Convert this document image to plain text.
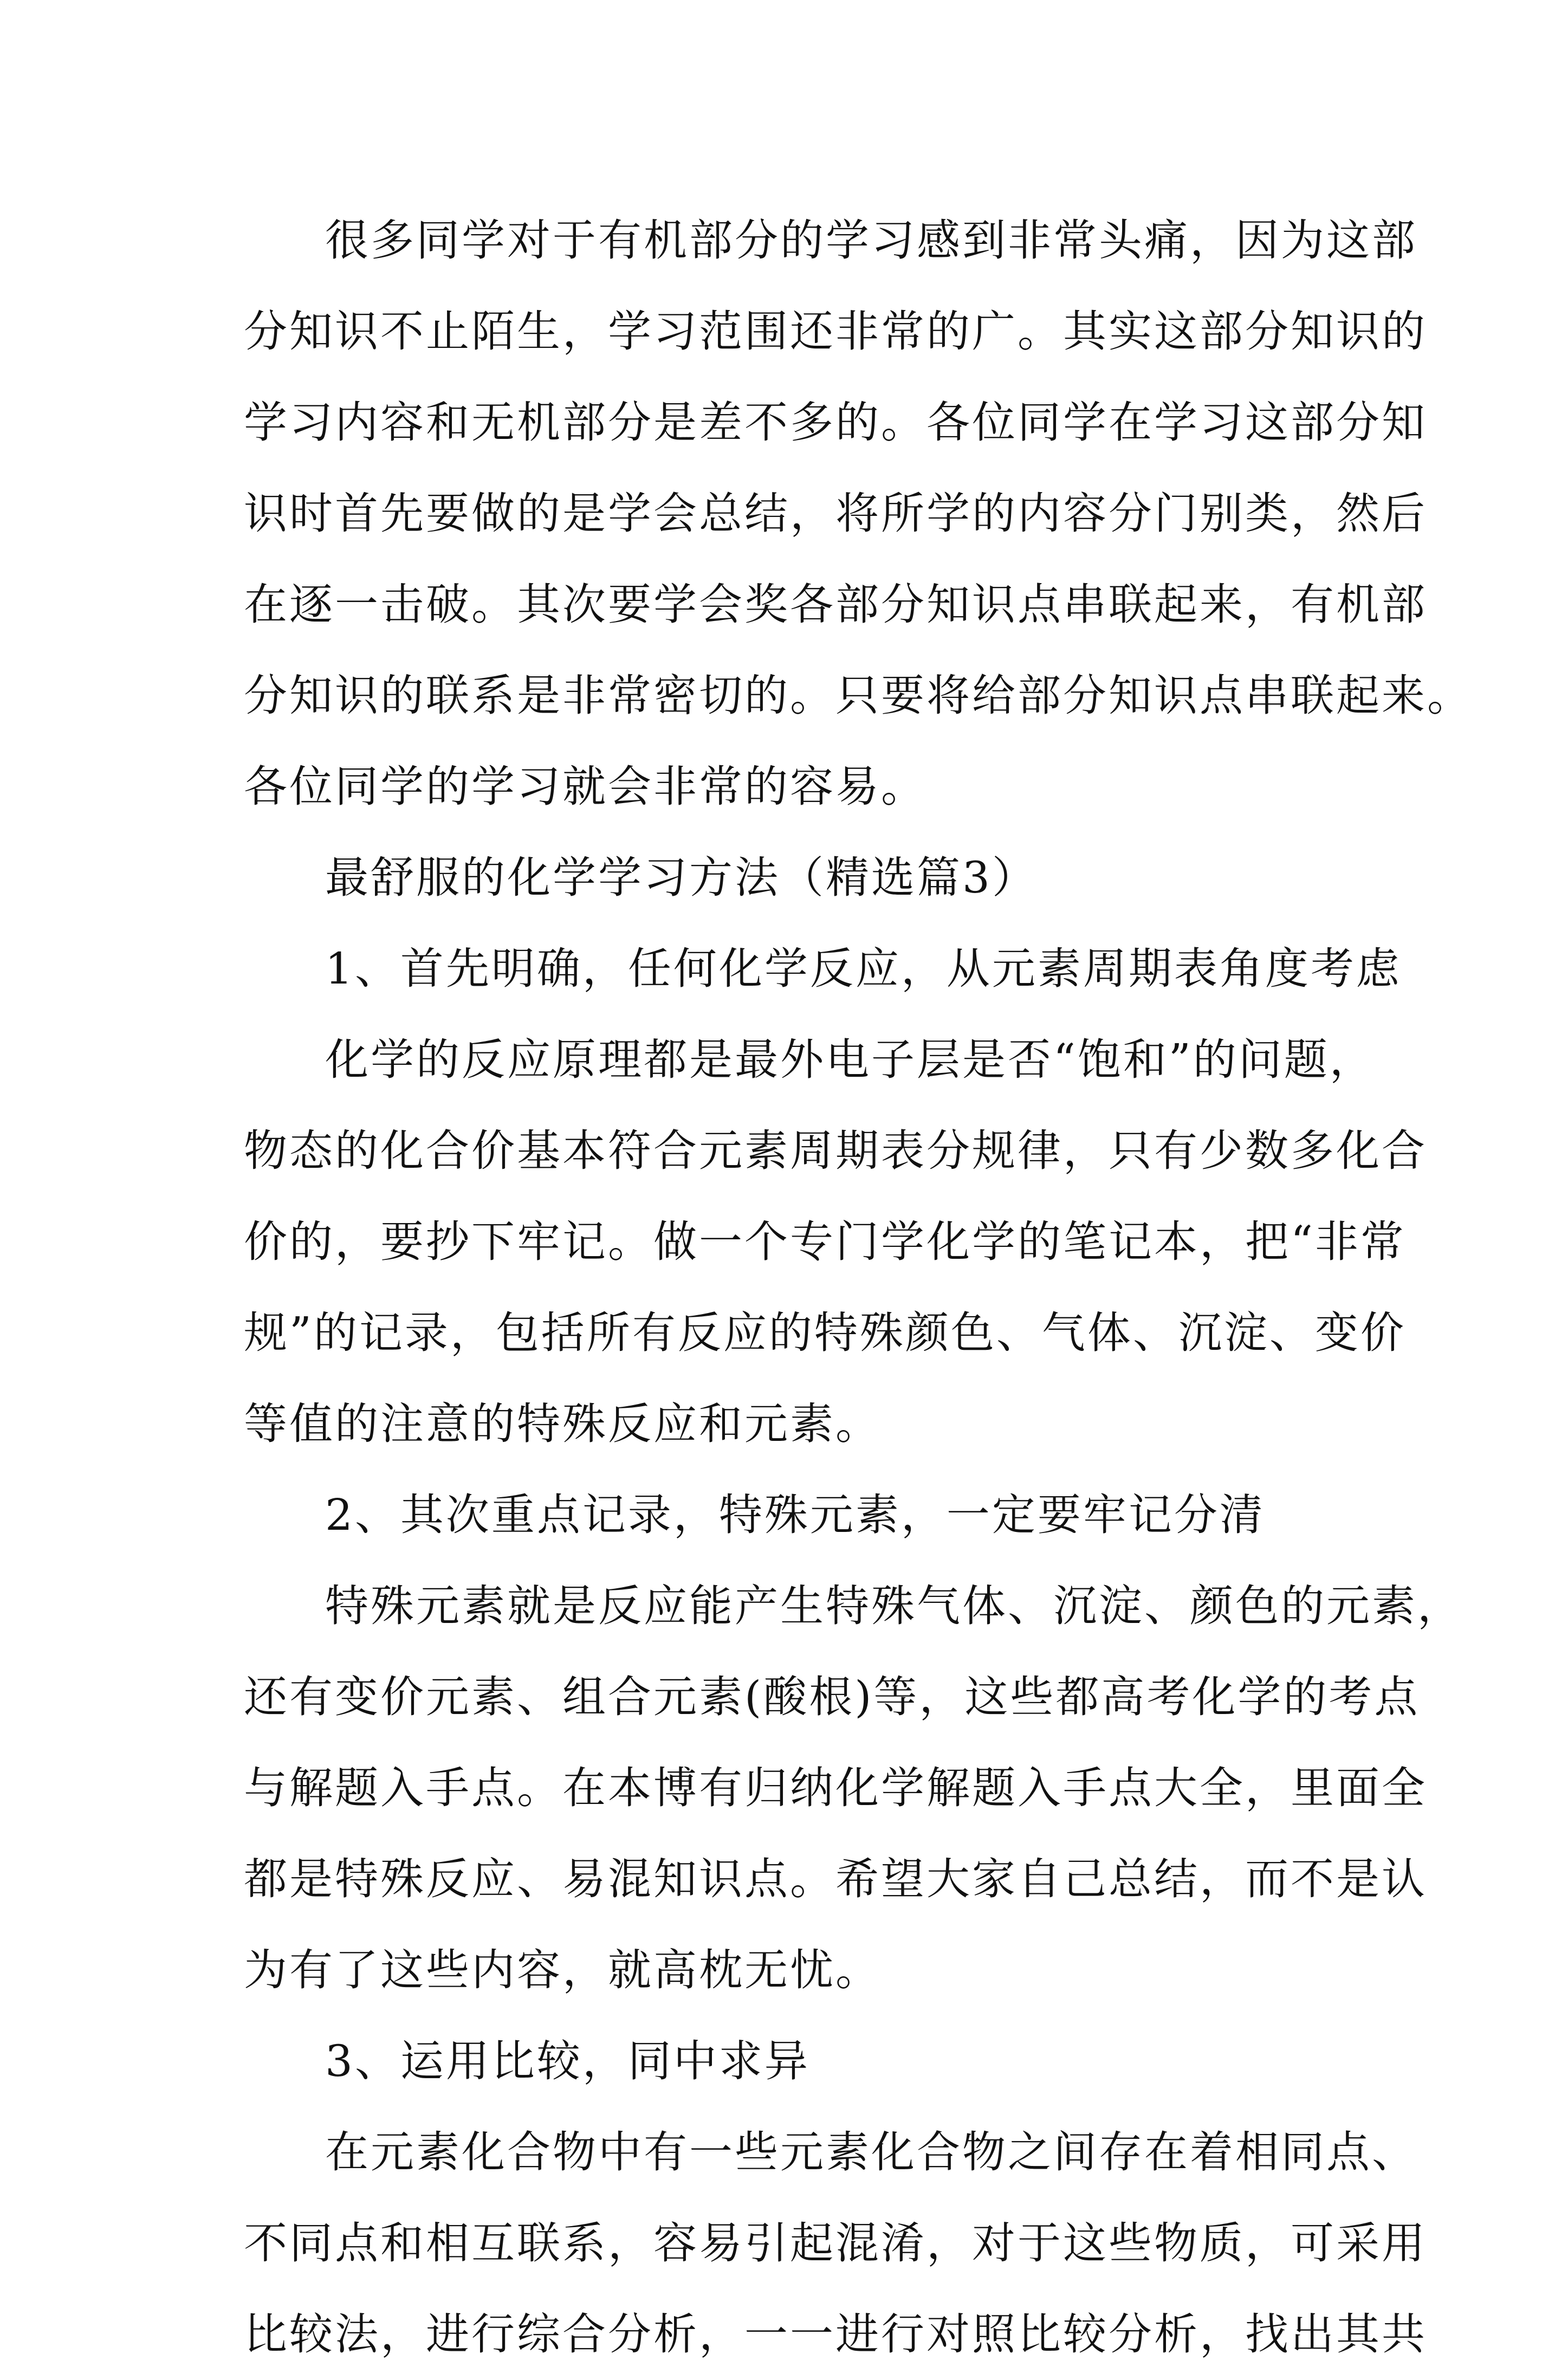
很多同学对于有机部分的学习感到非常头痛，因为这部
分知识不止陌生，学习范围还非常的广。其实这部分知识的
学习内容和无机部分是差不多的。各位同学在学习这部分知
识时首先要做的是学会总结，将所学的内容分门别类，然后
在逐一击破。其次要学会奖各部分知识点串联起来，有机部
分知识的联系是非常密切的。只要将给部分知识点串联起来。
各位同学的学习就会非常的容易。
最舒服的化学学习方法（精选篇3）
1、首先明确，任何化学反应，从元素周期表角度考虑
化学的反应原理都是最外电子层是否“饱和”的问题，
物态的化合价基本符合元素周期表分规律，只有少数多化合
价的，要抄下牢记。做一个专门学化学的笔记本，把“非常
规”的记录，包括所有反应的特殊颜色、气体、沉淀、变价
等值的注意的特殊反应和元素。
2、其次重点记录，特殊元素，一定要牢记分清
特殊元素就是反应能产生特殊气体、沉淀、颜色的元素，
还有变价元素、组合元素(酸根)等，这些都高考化学的考点
与解题入手点。在本博有归纳化学解题入手点大全，里面全
都是特殊反应、易混知识点。希望大家自己总结，而不是认
为有了这些内容，就高枕无忧。
3、运用比较，同中求异
在元素化合物中有一些元素化合物之间存在着相同点、
不同点和相互联系，容易引起混淆，对于这些物质，可采用
比较法，进行综合分析，一一进行对照比较分析，找出其共
